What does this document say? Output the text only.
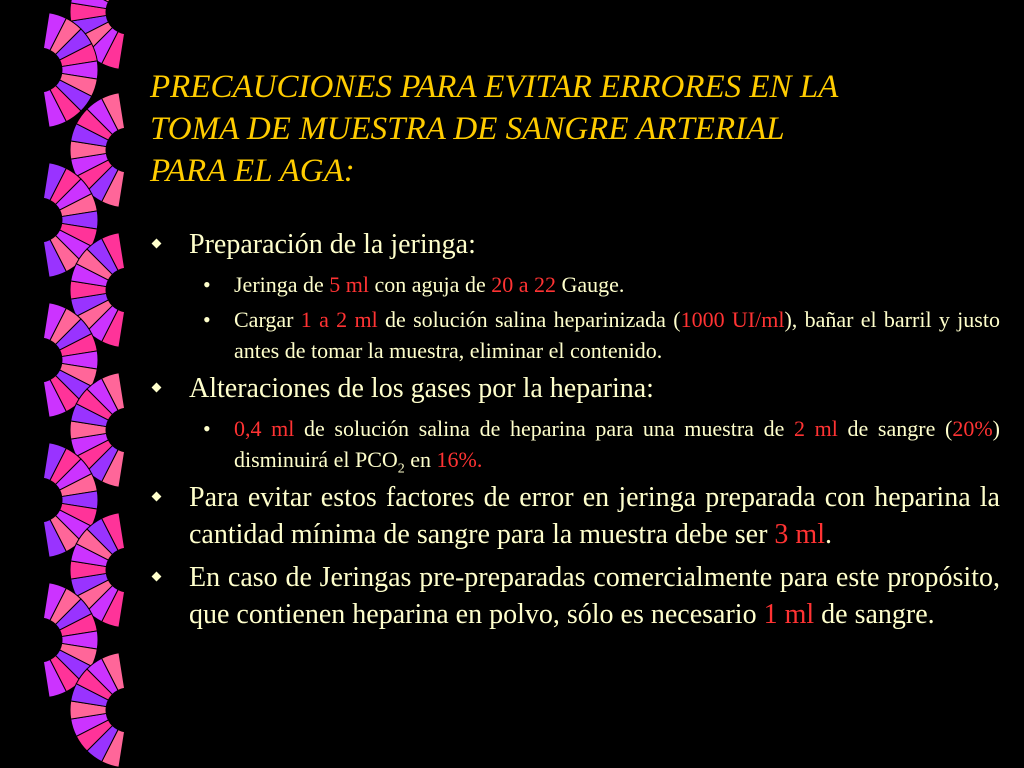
PRECAUCIONES PARA EVITAR ERRORES EN LA
TOMA DE MUESTRA DE SANGRE ARTERIAL
PARA EL AGA:
Preparación de la jeringa:
• Jeringa de 5 ml con aguja de 20 a 22 Gauge.
• Cargar 1 a 2 ml de solución salina heparinizada (1000 UI/ml), bañar el barril y justo antes de tomar la muestra, eliminar el contenido.
Alteraciones de los gases por la heparina:
• 0,4 ml de solución salina de heparina para una muestra de 2 ml de sangre (20%) disminuirá el $PCO_2$ en 16%.
Para evitar estos factores de error en jeringa preparada con heparina la cantidad mínima de sangre para la muestra debe ser 3 ml.
En caso de Jeringas pre-preparadas comercialmente para este propósito, que contienen heparina en polvo, sólo es necesario 1 ml de sangre.
